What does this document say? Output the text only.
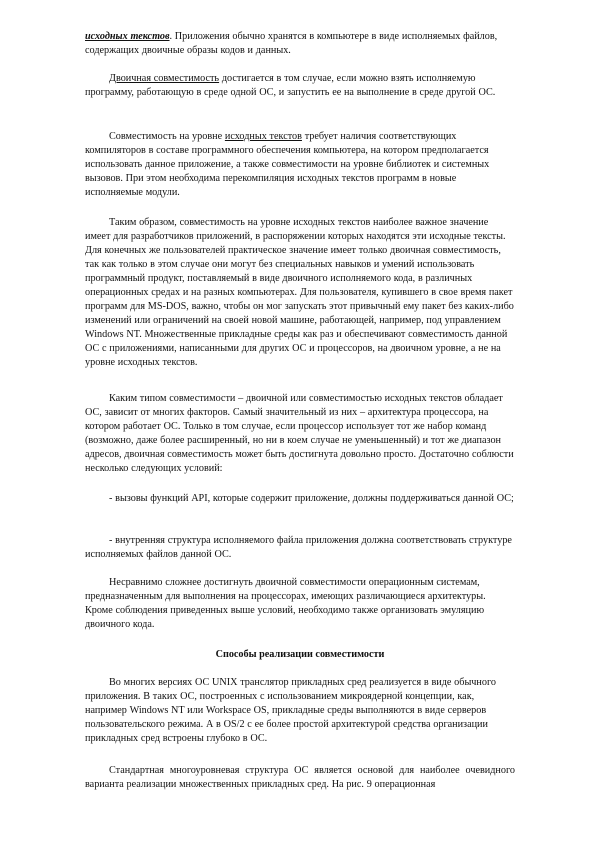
исходных текстов. Приложения обычно хранятся в компьютере в виде исполняемых файлов, содержащих двоичные образы кодов и данных.

Двоичная совместимость достигается в том случае, если можно взять исполняемую программу, работающую в среде одной ОС, и запустить ее на выполнение в среде другой ОС.

Совместимость на уровне исходных текстов требует наличия соответствующих компиляторов в составе программного обеспечения компьютера, на котором предполагается использовать данное приложение, а также совместимости на уровне библиотек и системных вызовов. При этом необходима перекомпиляция исходных текстов программ в новые исполняемые модули.

Таким образом, совместимость на уровне исходных текстов наиболее важное значение имеет для разработчиков приложений, в распоряжении которых находятся эти исходные тексты. Для конечных же пользователей практическое значение имеет только двоичная совместимость, так как только в этом случае они могут без специальных навыков и умений использовать программный продукт, поставляемый в виде двоичного исполняемого кода, в различных операционных средах и на разных компьютерах. Для пользователя, купившего в свое время пакет программ для MS-DOS, важно, чтобы он мог запускать этот привычный ему пакет без каких-либо изменений или ограничений на своей новой машине, работающей, например, под управлением Windows NT. Множественные прикладные среды как раз и обеспечивают совместимость данной ОС с приложениями, написанными для других ОС и процессоров, на двоичном уровне, а не на уровне исходных текстов.

Каким типом совместимости – двоичной или совместимостью исходных текстов обладает ОС, зависит от многих факторов. Самый значительный из них – архитектура процессора, на котором работает ОС. Только в том случае, если процессор использует тот же набор команд (возможно, даже более расширенный, но ни в коем случае не уменьшенный) и тот же диапазон адресов, двоичная совместимость может быть достигнута довольно просто. Достаточно соблюсти несколько следующих условий:

- вызовы функций API, которые содержит приложение, должны поддерживаться данной ОС;

- внутренняя структура исполняемого файла приложения должна соответствовать структуре исполняемых файлов данной ОС.

Несравнимо сложнее достигнуть двоичной совместимости операционным системам, предназначенным для выполнения на процессорах, имеющих различающиеся архитектуры. Кроме соблюдения приведенных выше условий, необходимо также организовать эмуляцию двоичного кода.

Способы реализации совместимости

Во многих версиях ОС UNIX транслятор прикладных сред реализуется в виде обычного приложения. В таких ОС, построенных с использованием микроядерной концепции, как, например Windows NT или Workspace OS, прикладные среды выполняются в виде серверов пользовательского режима. А в OS/2 с ее более простой архитектурой средства организации прикладных сред встроены глубоко в ОС.

Стандартная многоуровневая структура ОС является основой для наиболее очевидного варианта реализации множественных прикладных сред. На рис. 9 операционная
